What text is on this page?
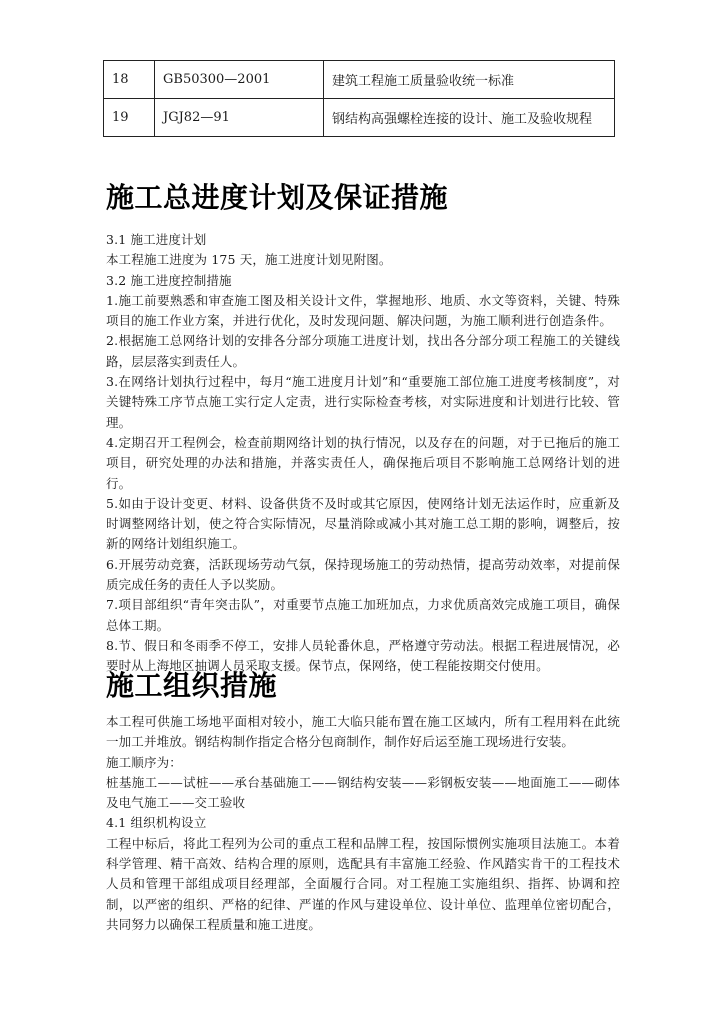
18	GB50300—2001	建筑工程施工质量验收统一标准
19	JGJ82—91	钢结构高强螺栓连接的设计、施工及验收规程
施工总进度计划及保证措施

3.1 施工进度计划

本工程施工进度为 175 天，施工进度计划见附图。

3.2 施工进度控制措施

1.施工前要熟悉和审查施工图及相关设计文件，掌握地形、地质、水文等资料，关键、特殊项目的施工作业方案，并进行优化，及时发现问题、解决问题，为施工顺利进行创造条件。

2.根据施工总网络计划的安排各分部分项施工进度计划，找出各分部分项工程施工的关键线路，层层落实到责任人。

3.在网络计划执行过程中，每月“施工进度月计划”和“重要施工部位施工进度考核制度”，对关键特殊工序节点施工实行定人定责，进行实际检查考核，对实际进度和计划进行比较、管理。

4.定期召开工程例会，检查前期网络计划的执行情况，以及存在的问题，对于已拖后的施工项目，研究处理的办法和措施，并落实责任人，确保拖后项目不影响施工总网络计划的进行。

5.如由于设计变更、材料、设备供货不及时或其它原因，使网络计划无法运作时，应重新及时调整网络计划，使之符合实际情况，尽量消除或减小其对施工总工期的影响，调整后，按新的网络计划组织施工。

6.开展劳动竞赛，活跃现场劳动气氛，保持现场施工的劳动热情，提高劳动效率，对提前保质完成任务的责任人予以奖励。

7.项目部组织“青年突击队”，对重要节点施工加班加点，力求优质高效完成施工项目，确保总体工期。

8.节、假日和冬雨季不停工，安排人员轮番休息，严格遵守劳动法。根据工程进展情况，必要时从上海地区抽调人员采取支援。保节点，保网络，使工程能按期交付使用。

施工组织措施

本工程可供施工场地平面相对较小，施工大临只能布置在施工区域内，所有工程用料在此统一加工并堆放。钢结构制作指定合格分包商制作，制作好后运至施工现场进行安装。

施工顺序为：

桩基施工——试桩——承台基础施工——钢结构安装——彩钢板安装——地面施工——砌体及电气施工——交工验收

4.1 组织机构设立

工程中标后，将此工程列为公司的重点工程和品牌工程，按国际惯例实施项目法施工。本着科学管理、精干高效、结构合理的原则，选配具有丰富施工经验、作风踏实肯干的工程技术人员和管理干部组成项目经理部，全面履行合同。对工程施工实施组织、指挥、协调和控制，以严密的组织、严格的纪律、严谨的作风与建设单位、设计单位、监理单位密切配合，共同努力以确保工程质量和施工进度。
